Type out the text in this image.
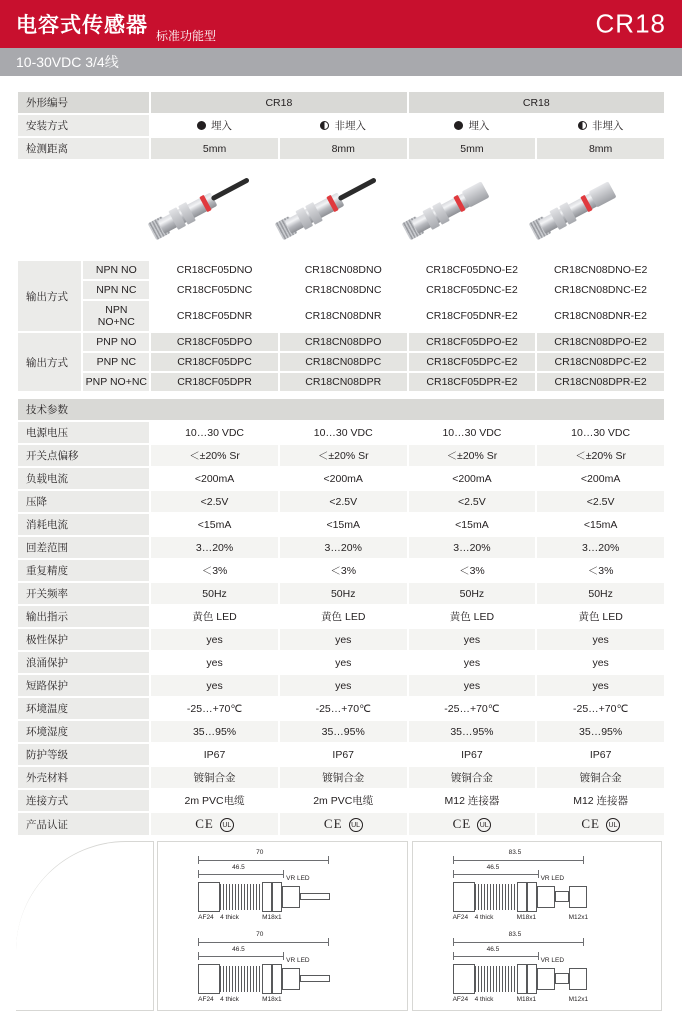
电容式传感器 标准功能型	CR18
10-30VDC 3/4线
外形编号	CR18		CR18	
安装方式	埋入	非埋入	埋入	非埋入
检测距离	5mm	8mm	5mm	8mm
输出方式	NPN NO	CR18CF05DNO	CR18CN08DNO	CR18CF05DNO-E2	CR18CN08DNO-E2
	NPN NC	CR18CF05DNC	CR18CN08DNC	CR18CF05DNC-E2	CR18CN08DNC-E2
	NPN NO+NC	CR18CF05DNR	CR18CN08DNR	CR18CF05DNR-E2	CR18CN08DNR-E2
输出方式	PNP NO	CR18CF05DPO	CR18CN08DPO	CR18CF05DPO-E2	CR18CN08DPO-E2
	PNP NC	CR18CF05DPC	CR18CN08DPC	CR18CF05DPC-E2	CR18CN08DPC-E2
	PNP NO+NC	CR18CF05DPR	CR18CN08DPR	CR18CF05DPR-E2	CR18CN08DPR-E2
技术参数				
电源电压	10…30 VDC	10…30 VDC	10…30 VDC	10…30 VDC
开关点偏移	＜±20% Sr	＜±20% Sr	＜±20% Sr	＜±20% Sr
负载电流	<200mA	<200mA	<200mA	<200mA
压降	<2.5V	<2.5V	<2.5V	<2.5V
消耗电流	<15mA	<15mA	<15mA	<15mA
回差范围	3…20%	3…20%	3…20%	3…20%
重复精度	＜3%	＜3%	＜3%	＜3%
开关频率	50Hz	50Hz	50Hz	50Hz
输出指示	黄色 LED	黄色 LED	黄色 LED	黄色 LED
极性保护	yes	yes	yes	yes
浪涌保护	yes	yes	yes	yes
短路保护	yes	yes	yes	yes
环境温度	-25…+70℃	-25…+70℃	-25…+70℃	-25…+70℃
环境湿度	35…95%	35…95%	35…95%	35…95%
防护等级	IP67	IP67	IP67	IP67
外壳材料	镀铜合金	镀铜合金	镀铜合金	镀铜合金
连接方式	2m PVC电缆	2m PVC电缆	M12 连接器	M12 连接器
产品认证	CE UL	CE UL	CE UL	CE UL
70
46.5
VR LED
AF24 4 thick	M18x1
70
46.5
VR LED
AF24 4 thick	M18x1
83.5
46.5
VR LED
AF24 4 thick	M18x1	M12x1
83.5
46.5
VR LED
AF24 4 thick	M18x1	M12x1
